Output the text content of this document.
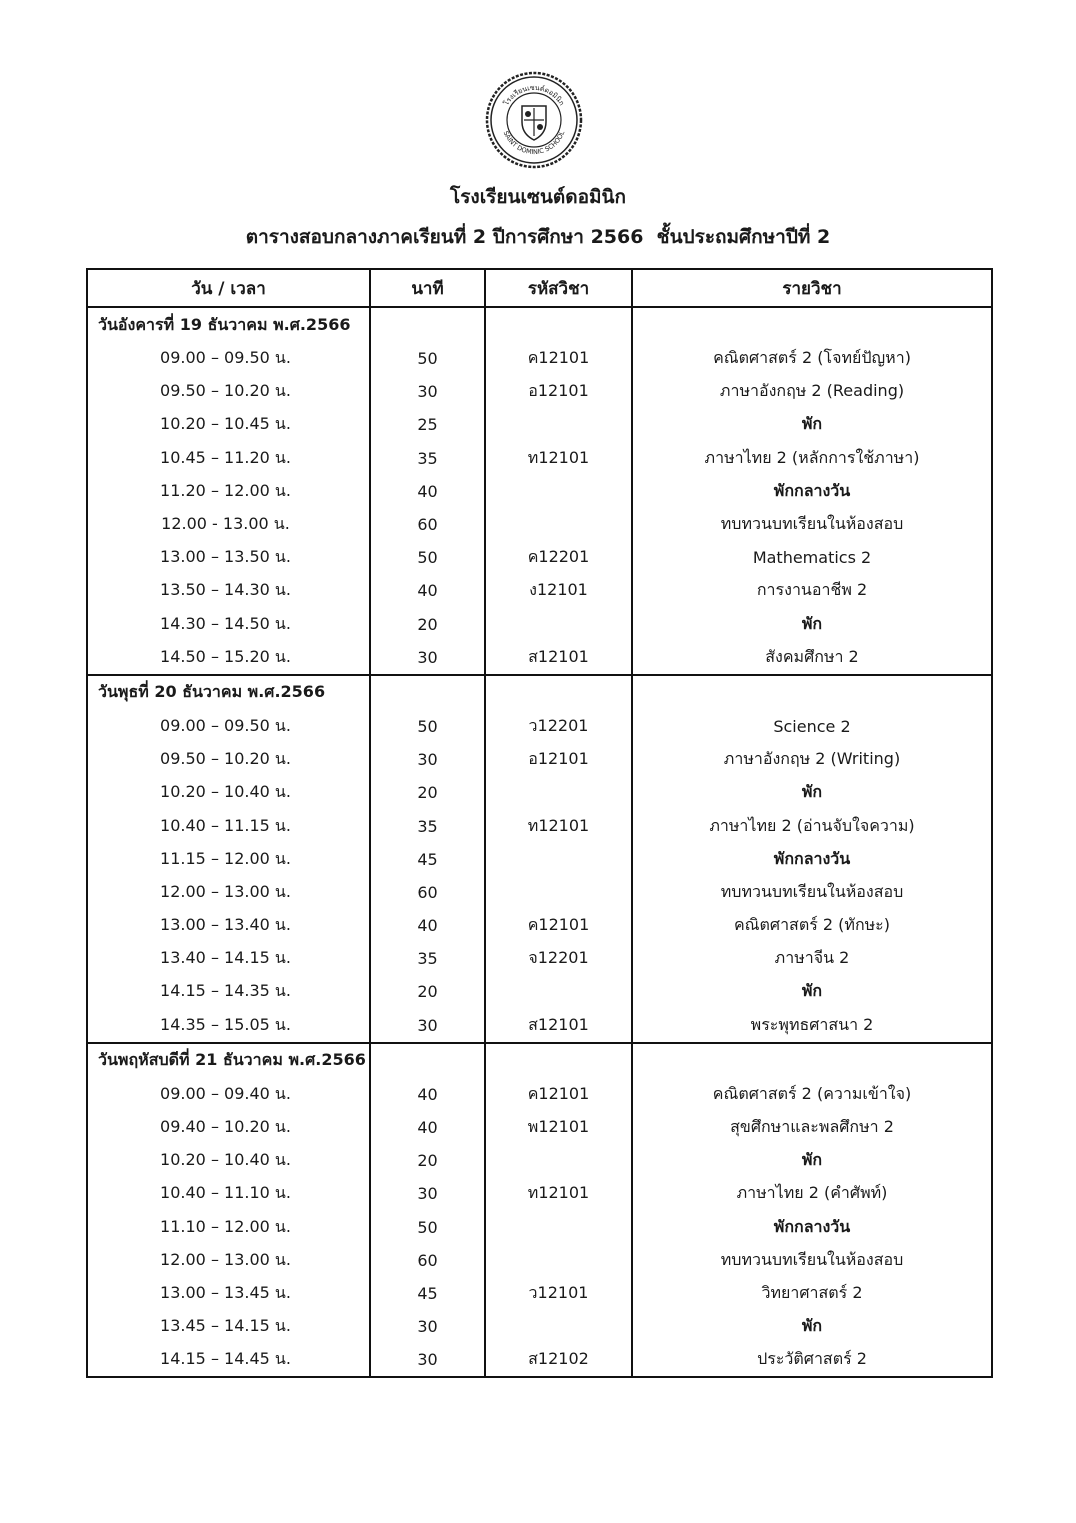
โรงเรียนเซนต์ดอมินิก
SAINT DOMINIC SCHOOL
โรงเรียนเซนต์ดอมินิก
ตารางสอบกลางภาคเรียนที่ 2 ปีการศึกษา 2566  ชั้นประถมศึกษาปีที่ 2
วัน / เวลา	นาที	รหัสวิชา	รายวิชา
วันอังคารที่ 19 ธันวาคม พ.ศ.2566			
09.00 – 09.50 น.	50	ค12101	คณิตศาสตร์ 2 (โจทย์ปัญหา)
09.50 – 10.20 น.	30	อ12101	ภาษาอังกฤษ 2 (Reading)
10.20 – 10.45 น.	25		พัก
10.45 – 11.20 น.	35	ท12101	ภาษาไทย 2 (หลักการใช้ภาษา)
11.20 – 12.00 น.	40		พักกลางวัน
12.00 - 13.00 น.	60		ทบทวนบทเรียนในห้องสอบ
13.00 – 13.50 น.	50	ค12201	Mathematics 2
13.50 – 14.30 น.	40	ง12101	การงานอาชีพ 2
14.30 – 14.50 น.	20		พัก
14.50 – 15.20 น.	30	ส12101	สังคมศึกษา 2
วันพุธที่ 20 ธันวาคม พ.ศ.2566			
09.00 – 09.50 น.	50	ว12201	Science 2
09.50 – 10.20 น.	30	อ12101	ภาษาอังกฤษ 2 (Writing)
10.20 – 10.40 น.	20		พัก
10.40 – 11.15 น.	35	ท12101	ภาษาไทย 2 (อ่านจับใจความ)
11.15 – 12.00 น.	45		พักกลางวัน
12.00 – 13.00 น.	60		ทบทวนบทเรียนในห้องสอบ
13.00 – 13.40 น.	40	ค12101	คณิตศาสตร์ 2 (ทักษะ)
13.40 – 14.15 น.	35	จ12201	ภาษาจีน 2
14.15 – 14.35 น.	20		พัก
14.35 – 15.05 น.	30	ส12101	พระพุทธศาสนา 2
วันพฤหัสบดีที่ 21 ธันวาคม พ.ศ.2566			
09.00 – 09.40 น.	40	ค12101	คณิตศาสตร์ 2 (ความเข้าใจ)
09.40 – 10.20 น.	40	พ12101	สุขศึกษาและพลศึกษา 2
10.20 – 10.40 น.	20		พัก
10.40 – 11.10 น.	30	ท12101	ภาษาไทย 2 (คำศัพท์)
11.10 – 12.00 น.	50		พักกลางวัน
12.00 – 13.00 น.	60		ทบทวนบทเรียนในห้องสอบ
13.00 – 13.45 น.	45	ว12101	วิทยาศาสตร์ 2
13.45 – 14.15 น.	30		พัก
14.15 – 14.45 น.	30	ส12102	ประวัติศาสตร์ 2
